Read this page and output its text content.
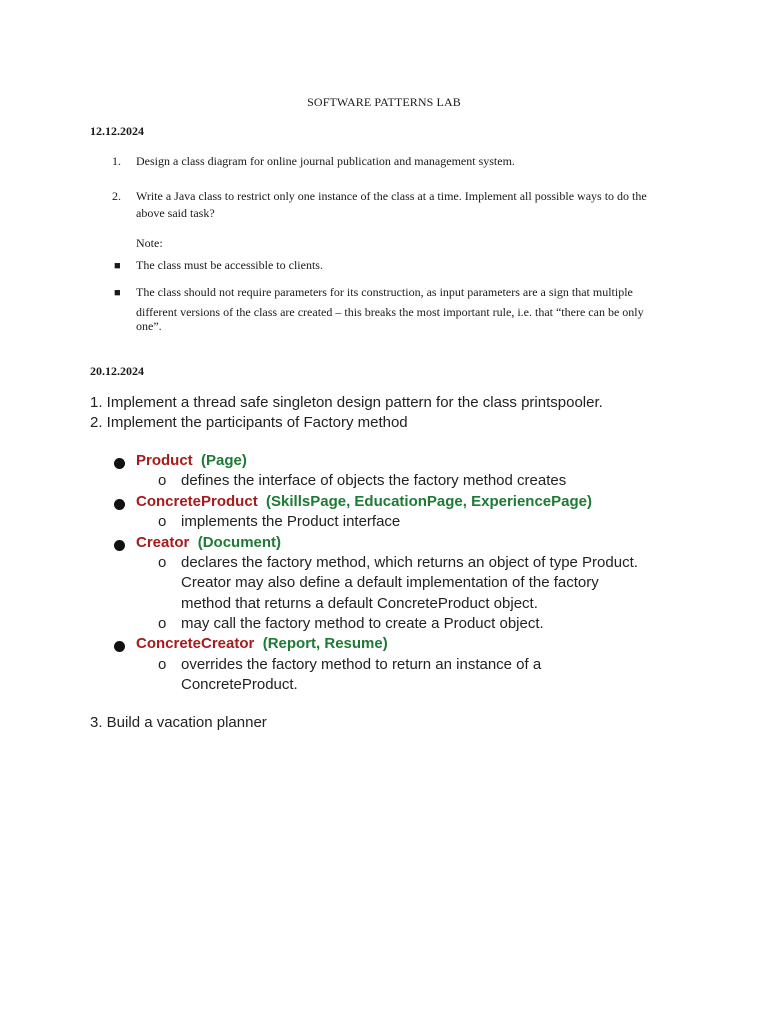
SOFTWARE PATTERNS LAB

12.12.2024

1. Design a class diagram for online journal publication and management system.
2. Write a Java class to restrict only one instance of the class at a time. Implement all possible ways to do the
above said task?
Note:
■ The class must be accessible to clients.
■ The class should not require parameters for its construction, as input parameters are a sign that multiple
different versions of the class are created – this breaks the most important rule, i.e. that “there can be only
one”.

20.12.2024

1. Implement a thread safe singleton design pattern for the class printspooler.

2. Implement the participants of Factory method

Product (Page)

o defines the interface of objects the factory method creates

ConcreteProduct (SkillsPage, EducationPage, ExperiencePage)

o implements the Product interface

Creator (Document)

o declares the factory method, which returns an object of type Product.

Creator may also define a default implementation of the factory

method that returns a default ConcreteProduct object.

o may call the factory method to create a Product object.

ConcreteCreator (Report, Resume)

o overrides the factory method to return an instance of a

ConcreteProduct.

3. Build a vacation planner
